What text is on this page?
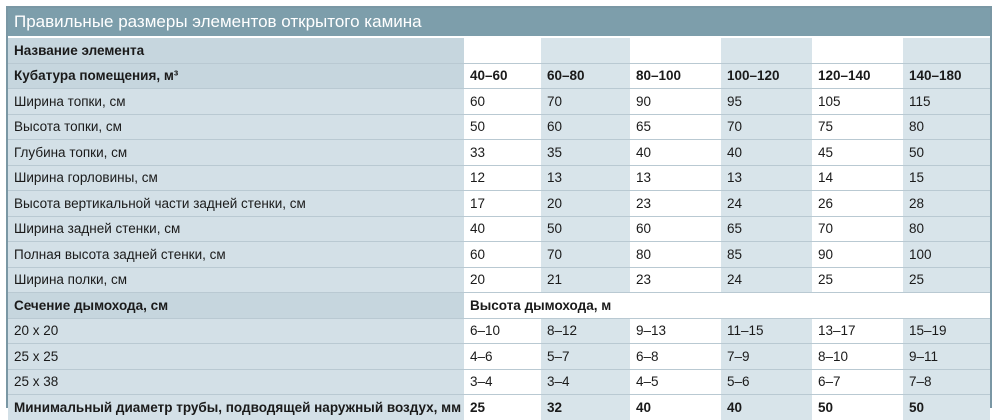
Правильные размеры элементов открытого камина
Название элемента						
Кубатура помещения, м³	40–60	60–80	80–100	100–120	120–140	140–180
Ширина топки, см	60	70	90	95	105	115
Высота топки, см	50	60	65	70	75	80
Глубина топки, см	33	35	40	40	45	50
Ширина горловины, см	12	13	13	13	14	15
Высота вертикальной части задней стенки, см	17	20	23	24	26	28
Ширина задней стенки, см	40	50	60	65	70	80
Полная высота задней стенки, см	60	70	80	85	90	100
Ширина полки, см	20	21	23	24	25	25
Сечение дымохода, см	Высота дымохода, м					
20 x 20	6–10	8–12	9–13	11–15	13–17	15–19
25 x 25	4–6	5–7	6–8	7–9	8–10	9–11
25 x 38	3–4	3–4	4–5	5–6	6–7	7–8
Минимальный диаметр трубы, подводящей наружный воздух, мм	25	32	40	40	50	50
